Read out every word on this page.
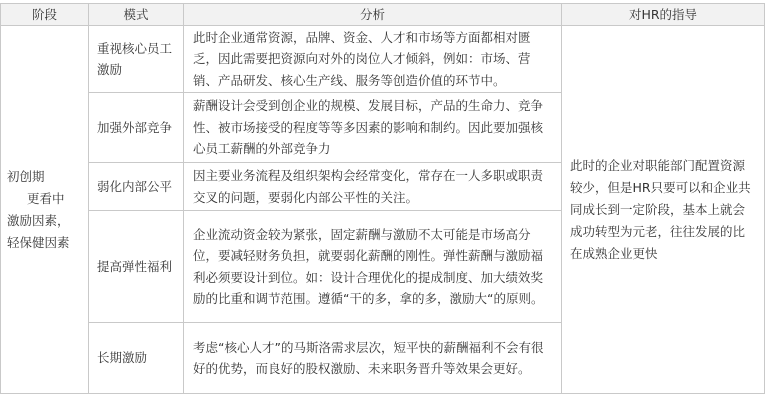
阶段	模式	分析	对HR的指导

初创期
更看中
激励因素，
轻保健因素	重视核心员工激励	此时企业通常资源，品牌、资金、人才和市场等方面都相对匮乏，因此需要把资源向对外的岗位人才倾斜，例如：市场、营销、产品研发、核心生产线、服务等创造价值的环节中。	此时的企业对职能部门配置资源较少，但是HR只要可以和企业共同成长到一定阶段，基本上就会成功转型为元老，往往发展的比在成熟企业更快
	加强外部竞争	薪酬设计会受到创企业的规模、发展目标，产品的生命力、竞争性、被市场接受的程度等等多因素的影响和制约。因此要加强核心员工薪酬的外部竞争力	
	弱化内部公平	因主要业务流程及组织架构会经常变化，常存在一人多职或职责交叉的问题，要弱化内部公平性的关注。	
	提高弹性福利	企业流动资金较为紧张，固定薪酬与激励不太可能是市场高分位，要减轻财务负担，就要弱化薪酬的刚性。弹性薪酬与激励福利必须要设计到位。如：设计合理优化的提成制度、加大绩效奖励的比重和调节范围。遵循“干的多，拿的多，激励大“的原则。	
	长期激励	考虑“核心人才”的马斯洛需求层次，短平快的薪酬福利不会有很好的优势，而良好的股权激励、未来职务晋升等效果会更好。	
